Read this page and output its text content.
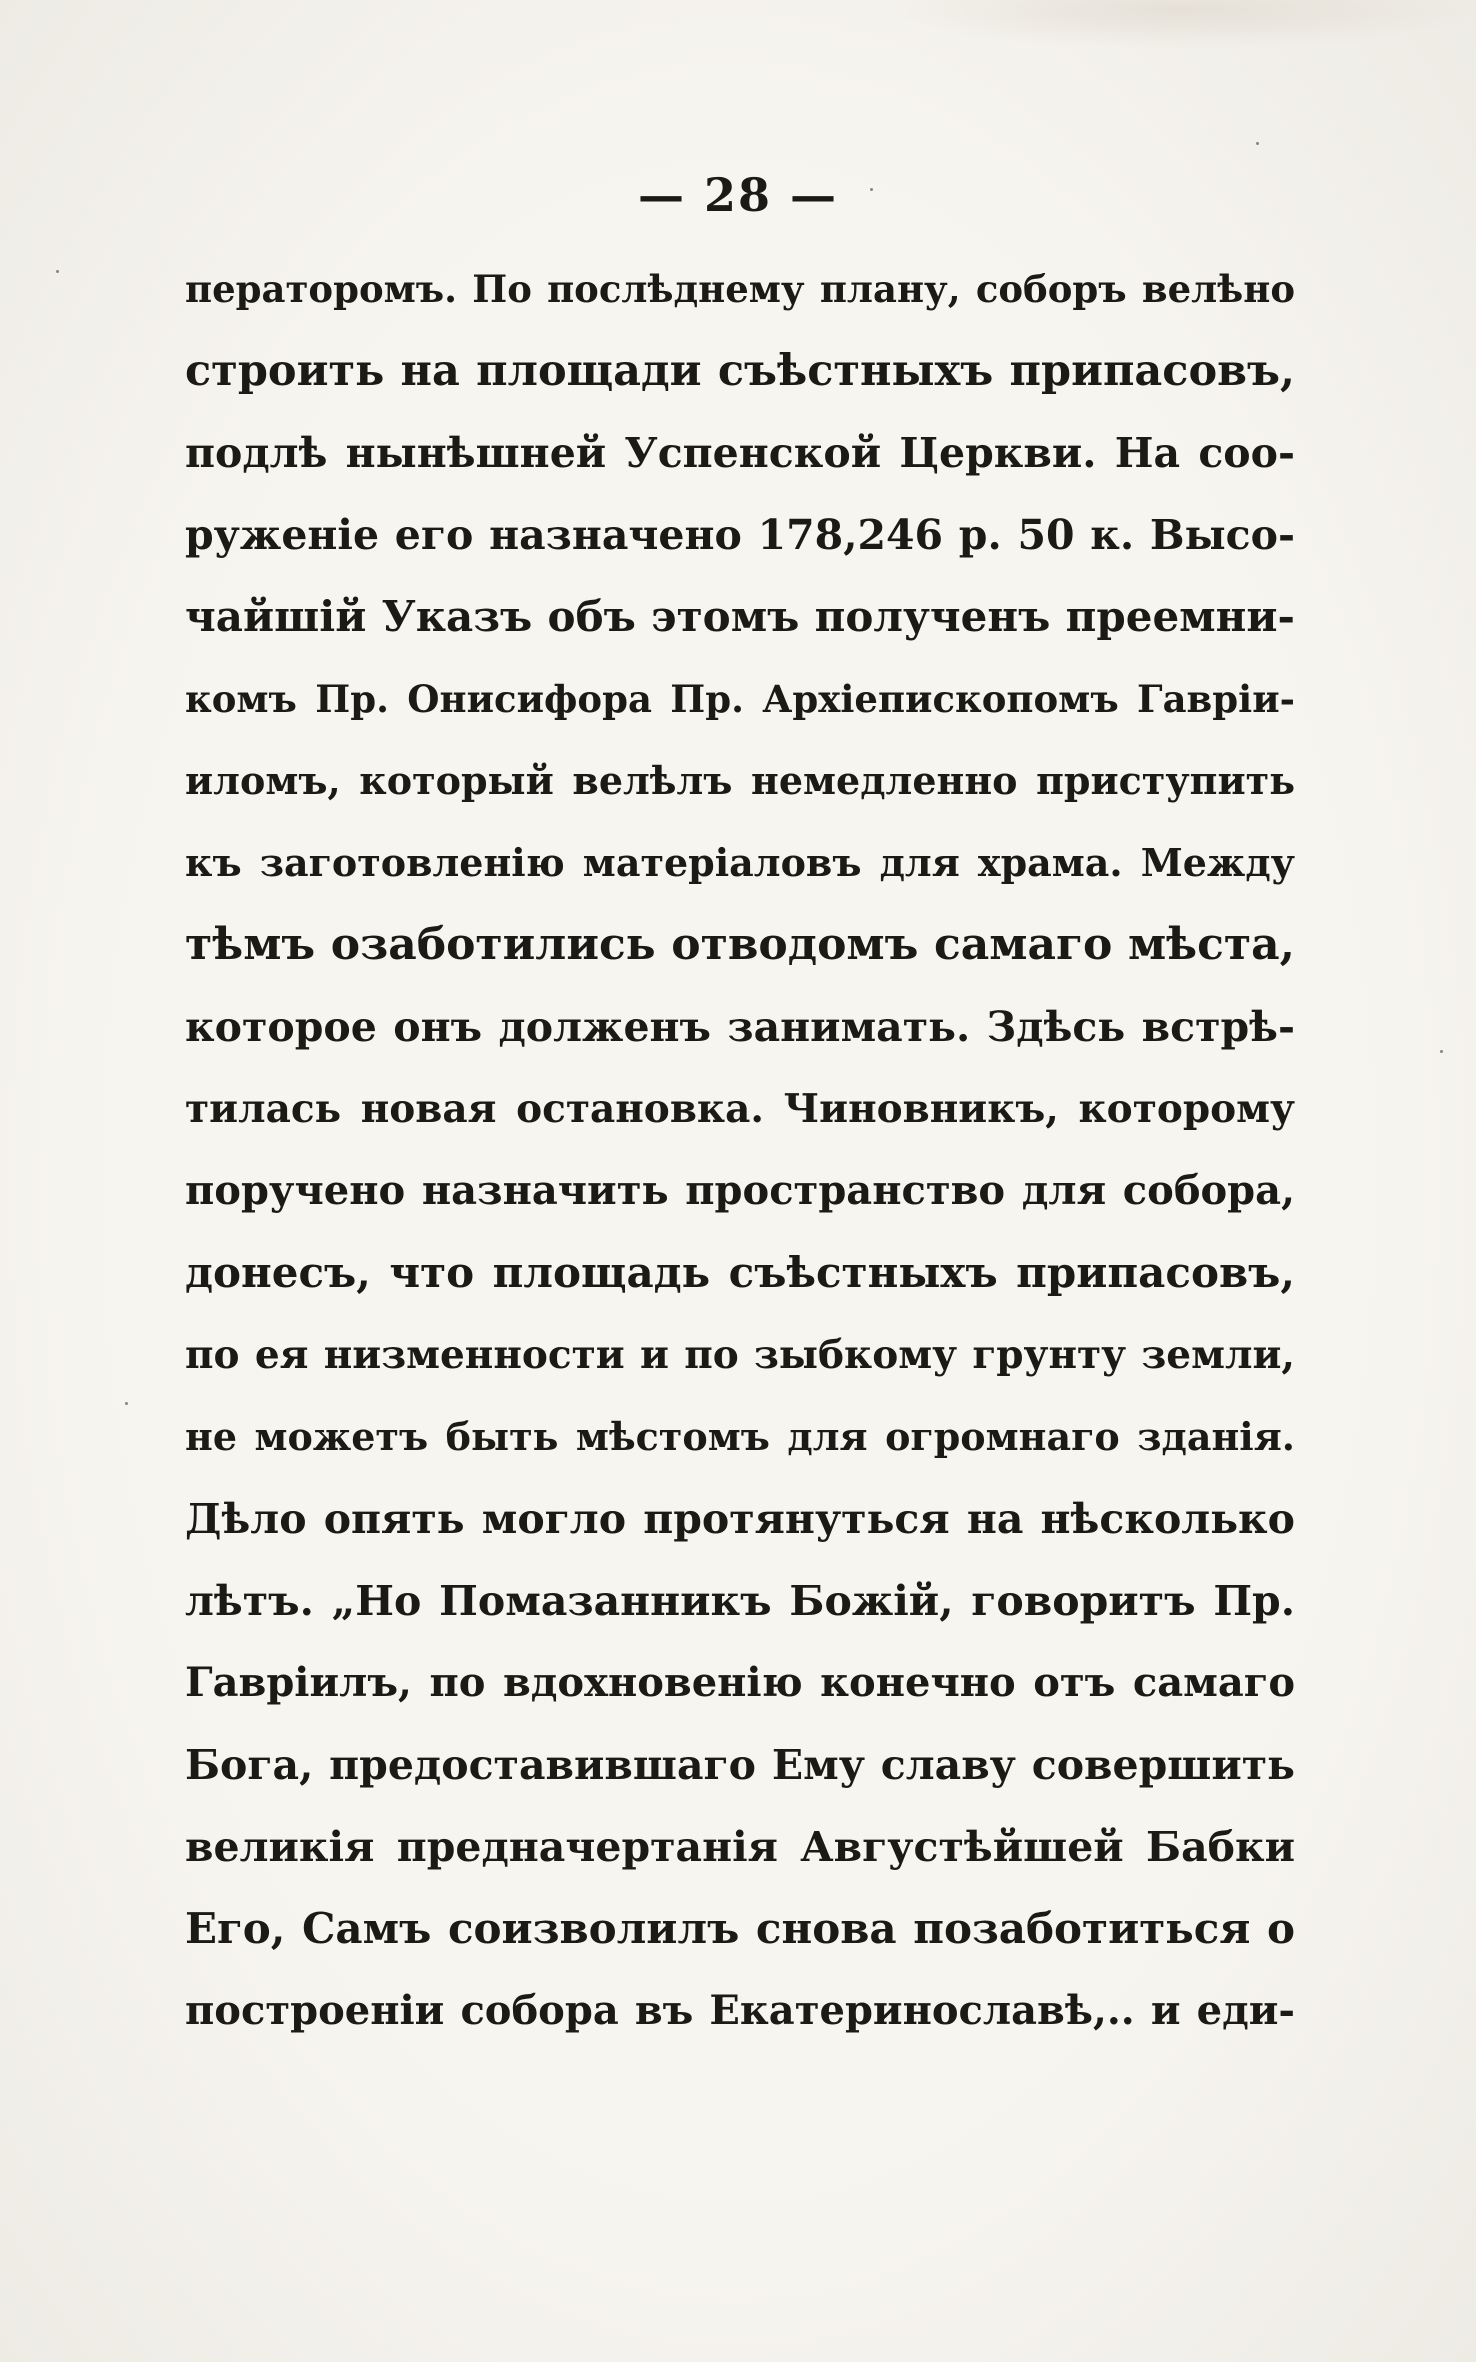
— 28 —
ператоромъ. По послѣднему плану, соборъ велѣно
строить на площади съѣстныхъ припасовъ,
подлѣ нынѣшней Успенской Церкви. На соо-
руженіе его назначено 178,246 р. 50 к. Высо-
чайшій Указъ объ этомъ полученъ преемни-
комъ Пр. Онисифора Пр. Архіепископомъ Гавріи-
иломъ, который велѣлъ немедленно приступить
къ заготовленію матеріаловъ для храма. Между
тѣмъ озаботились отводомъ самаго мѣста,
которое онъ долженъ занимать. Здѣсь встрѣ-
тилась новая остановка. Чиновникъ, которому
поручено назначить пространство для собора,
донесъ, что площадь съѣстныхъ припасовъ,
по ея низменности и по зыбкому грунту земли,
не можетъ быть мѣстомъ для огромнаго зданія.
Дѣло опять могло протянуться на нѣсколько
лѣтъ. „Но Помазанникъ Божій, говоритъ Пр.
Гавріилъ, по вдохновенію конечно отъ самаго
Бога, предоставившаго Ему славу совершить
великія предначертанія Августѣйшей Бабки
Его, Самъ соизволилъ снова позаботиться о
построеніи собора въ Екатеринославѣ,.. и еди-
